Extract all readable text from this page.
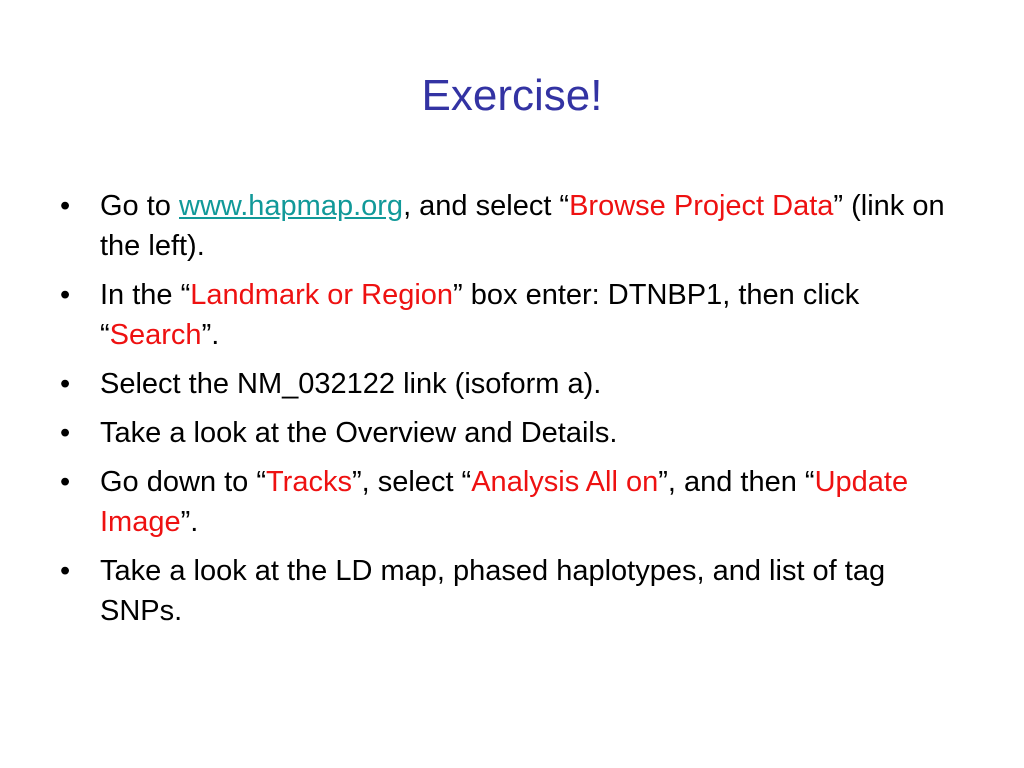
Exercise!
•	Go to www.hapmap.org, and select “Browse Project Data” (link on the left).
•	In the “Landmark or Region” box enter: DTNBP1, then click “Search”.
•	Select the NM_032122 link (isoform a).
•	Take a look at the Overview and Details.
•	Go down to “Tracks”, select “Analysis All on”, and then “Update Image”.
•	Take a look at the LD map, phased haplotypes, and list of tag SNPs.
